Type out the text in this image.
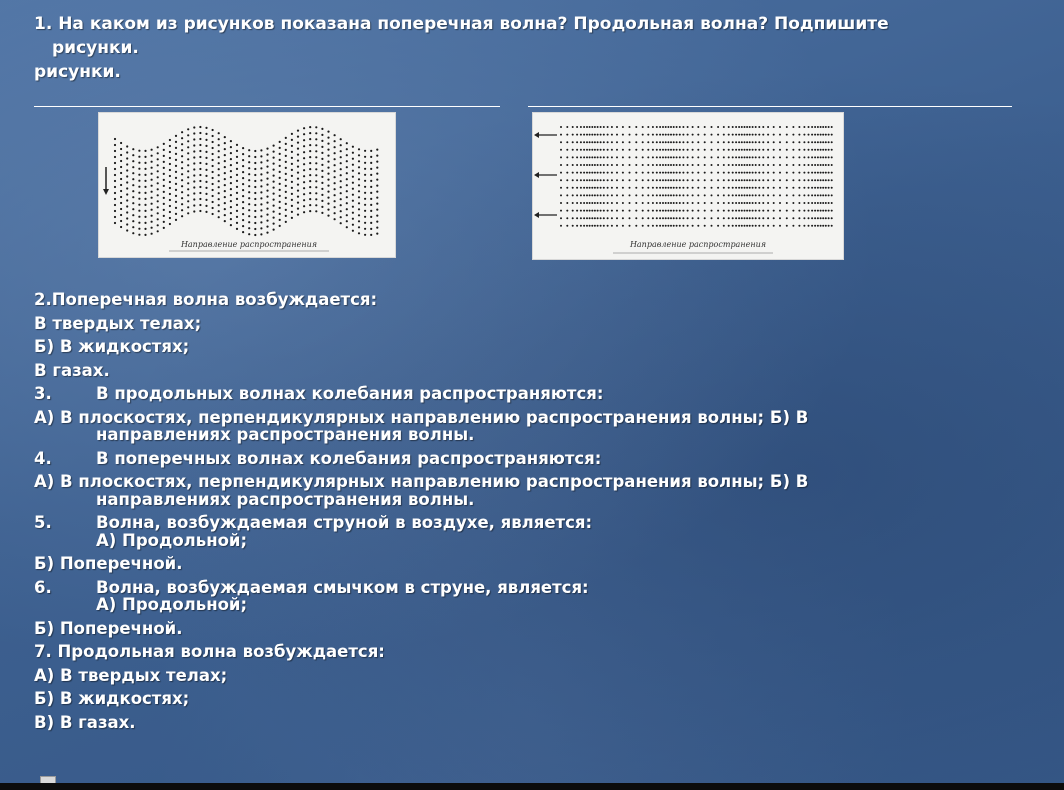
1. На каком из рисунков показана поперечная волна? Продольная волна? Подпишите
рисунки.
рисунки.
Направление распространения	Направление распространения
2.Поперечная волна возбуждается:
В твердых телах;
Б) В жидкостях;
В газах.
3.	В продольных волнах колебания распространяются:
А) В плоскостях, перпендикулярных направлению распространения волны; Б) В
направлениях распространения волны.
4.	В поперечных волнах колебания распространяются:
А) В плоскостях, перпендикулярных направлению распространения волны; Б) В
направлениях распространения волны.
5.	Волна, возбуждаемая струной в воздухе, является:
А) Продольной;
Б) Поперечной.
6.	Волна, возбуждаемая смычком в струне, является:
А) Продольной;
Б) Поперечной.
7. Продольная волна возбуждается:
А) В твердых телах;
Б) В жидкостях;
В) В газах.
